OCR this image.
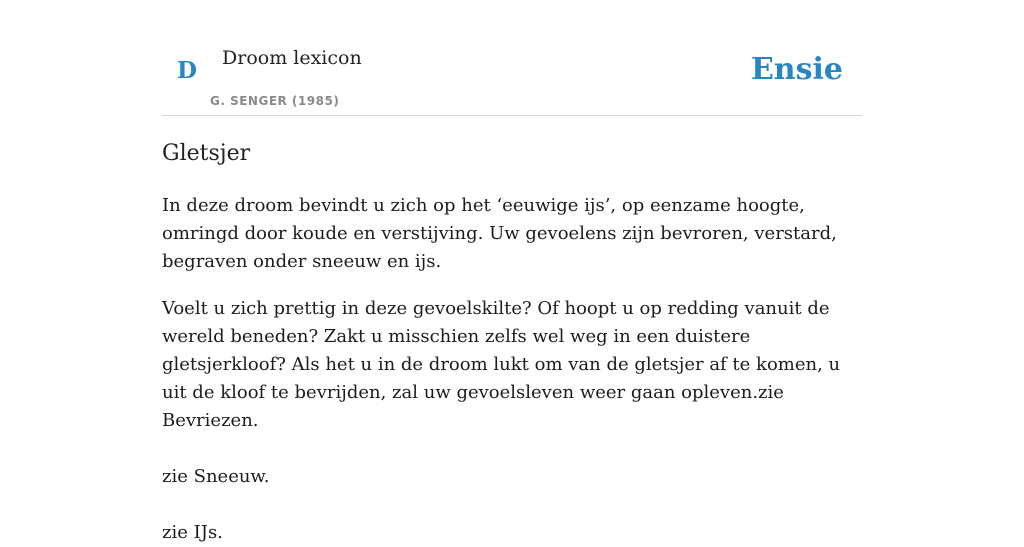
D Droom lexicon
G. SENGER (1985)
Ensie
Gletsjer

In deze droom bevindt u zich op het ‘eeuwige ijs’, op eenzame hoogte, omringd door koude en verstijving. Uw gevoelens zijn bevroren, verstard, begraven onder sneeuw en ijs.

Voelt u zich prettig in deze gevoelskilte? Of hoopt u op redding vanuit de wereld beneden? Zakt u misschien zelfs wel weg in een duistere gletsjerkloof? Als het u in de droom lukt om van de gletsjer af te komen, u uit de kloof te bevrijden, zal uw gevoelsleven weer gaan opleven.zie Bevriezen.

zie Sneeuw.

zie IJs.
